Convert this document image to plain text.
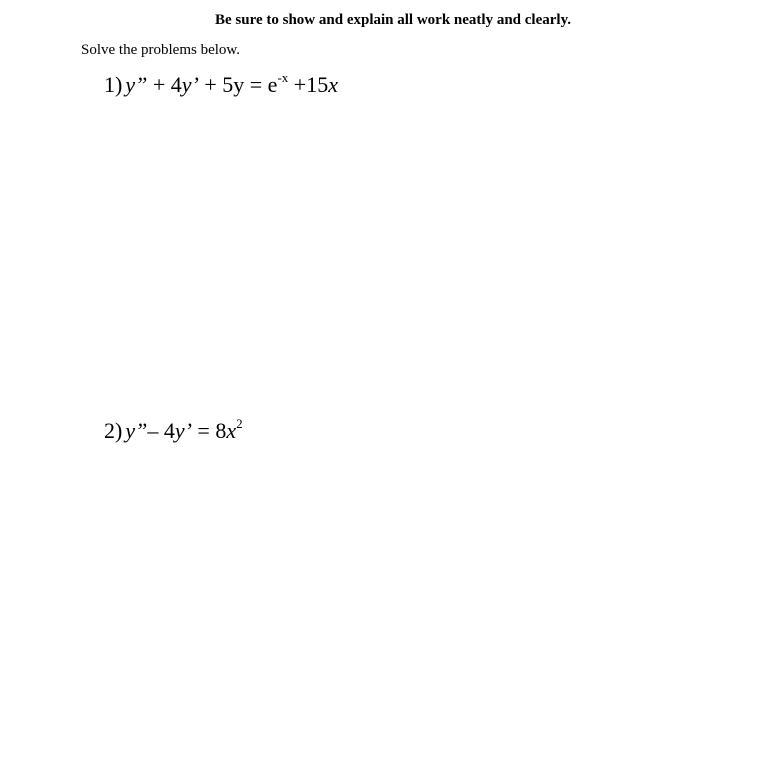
Be sure to show and explain all work neatly and clearly.
Solve the problems below.
1) y” + 4y’ + $5y = e^{-x} +15x$
2) y”– 4y’ = $8x^2$
